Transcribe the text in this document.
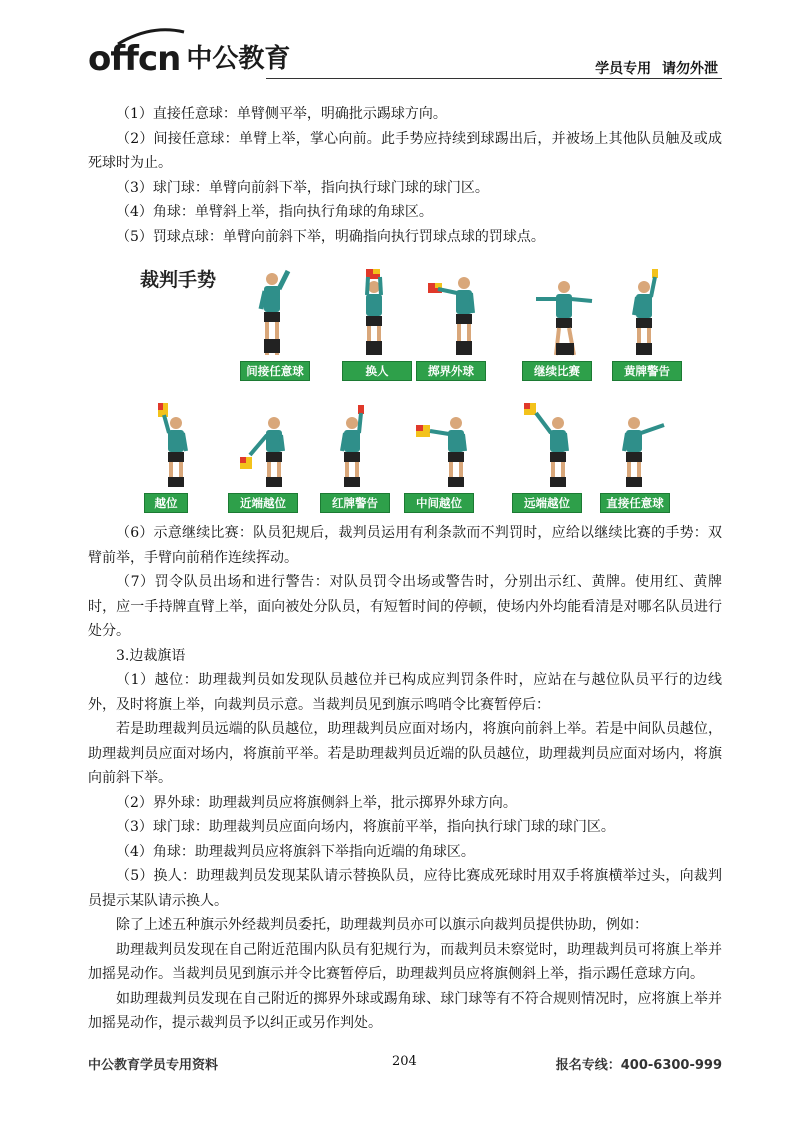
offcn 中公教育	学员专用 请勿外泄

（1）直接任意球：单臂侧平举，明确批示踢球方向。

（2）间接任意球：单臂上举，掌心向前。此手势应持续到球踢出后，并被场上其他队员触及或成死球时为止。

（3）球门球：单臂向前斜下举，指向执行球门球的球门区。

（4）角球：单臂斜上举，指向执行角球的角球区。

（5）罚球点球：单臂向前斜下举，明确指向执行罚球点球的罚球点。

裁判手势
间接任意球	换人	掷界外球	继续比赛	黄牌警告
越位	近端越位	红牌警告	中间越位	远端越位	直接任意球

（6）示意继续比赛：队员犯规后，裁判员运用有利条款而不判罚时，应给以继续比赛的手势：双臂前举，手臂向前稍作连续挥动。

（7）罚令队员出场和进行警告：对队员罚令出场或警告时，分别出示红、黄牌。使用红、黄牌时，应一手持牌直臂上举，面向被处分队员，有短暂时间的停顿，使场内外均能看清是对哪名队员进行处分。

3.边裁旗语

（1）越位：助理裁判员如发现队员越位并已构成应判罚条件时，应站在与越位队员平行的边线外，及时将旗上举，向裁判员示意。当裁判员见到旗示鸣哨令比赛暂停后：

若是助理裁判员远端的队员越位，助理裁判员应面对场内，将旗向前斜上举。若是中间队员越位，助理裁判员应面对场内，将旗前平举。若是助理裁判员近端的队员越位，助理裁判员应面对场内，将旗向前斜下举。

（2）界外球：助理裁判员应将旗侧斜上举，批示掷界外球方向。

（3）球门球：助理裁判员应面向场内，将旗前平举，指向执行球门球的球门区。

（4）角球：助理裁判员应将旗斜下举指向近端的角球区。

（5）换人：助理裁判员发现某队请示替换队员，应待比赛成死球时用双手将旗横举过头，向裁判员提示某队请示换人。

除了上述五种旗示外经裁判员委托，助理裁判员亦可以旗示向裁判员提供协助，例如：

助理裁判员发现在自己附近范围内队员有犯规行为，而裁判员未察觉时，助理裁判员可将旗上举并加摇晃动作。当裁判员见到旗示并令比赛暂停后，助理裁判员应将旗侧斜上举，指示踢任意球方向。

如助理裁判员发现在自己附近的掷界外球或踢角球、球门球等有不符合规则情况时，应将旗上举并加摇晃动作，提示裁判员予以纠正或另作判处。

中公教育学员专用资料	204	报名专线：400-6300-999
